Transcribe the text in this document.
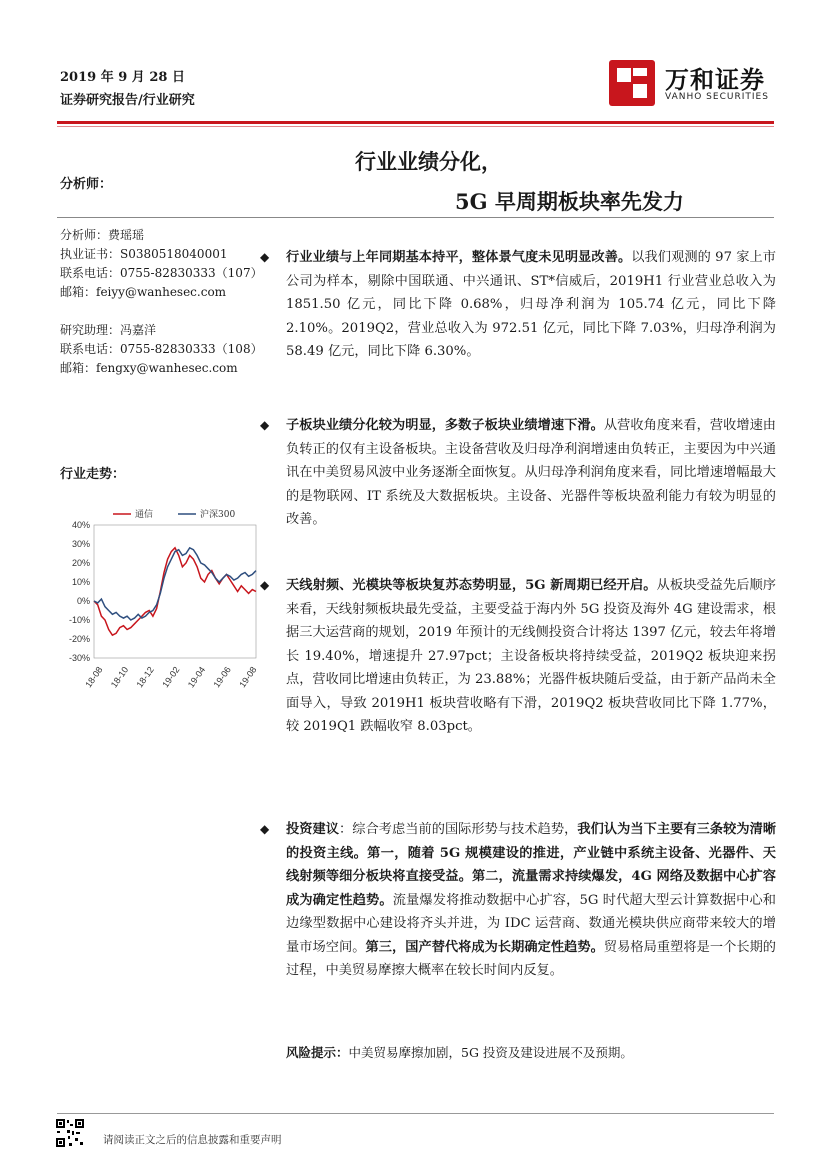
2019 年 9 月 28 日
证券研究报告/行业研究
万和证券
VANHO SECURITIES
分析师：
行业业绩分化，
5G 早周期板块率先发力
分析师：费瑶瑶
执业证书：S0380518040001
联系电话：0755-82830333（107）
邮箱：feiyy@wanhesec.com
研究助理：冯嘉洋
联系电话：0755-82830333（108）
邮箱：fengxy@wanhesec.com
行业走势：
40%
30%
20%
10%
0%
-10%
-20%
-30%
18-08 18-10 18-12 19-02 19-04 19-06 19-08
通信	沪深300
◆ 行业业绩与上年同期基本持平，整体景气度未见明显改善。以我们观测的 97 家上市公司为样本，剔除中国联通、中兴通讯、ST*信威后，2019H1 行业营业总收入为 1851.50 亿元，同比下降 0.68%，归母净利润为 105.74 亿元，同比下降 2.10%。2019Q2，营业总收入为 972.51 亿元，同比下降 7.03%，归母净利润为 58.49 亿元，同比下降 6.30%。
◆ 子板块业绩分化较为明显，多数子板块业绩增速下滑。从营收角度来看，营收增速由负转正的仅有主设备板块。主设备营收及归母净利润增速由负转正，主要因为中兴通讯在中美贸易风波中业务逐渐全面恢复。从归母净利润角度来看，同比增速增幅最大的是物联网、IT 系统及大数据板块。主设备、光器件等板块盈利能力有较为明显的改善。
◆ 天线射频、光模块等板块复苏态势明显，5G 新周期已经开启。从板块受益先后顺序来看，天线射频板块最先受益，主要受益于海内外 5G 投资及海外 4G 建设需求，根据三大运营商的规划，2019 年预计的无线侧投资合计将达 1397 亿元，较去年将增长 19.40%，增速提升 27.97pct；主设备板块将持续受益，2019Q2 板块迎来拐点，营收同比增速由负转正，为 23.88%；光器件板块随后受益，由于新产品尚未全面导入，导致 2019H1 板块营收略有下滑，2019Q2 板块营收同比下降 1.77%，较 2019Q1 跌幅收窄 8.03pct。
◆ 投资建议：综合考虑当前的国际形势与技术趋势，我们认为当下主要有三条较为清晰的投资主线。第一，随着 5G 规模建设的推进，产业链中系统主设备、光器件、天线射频等细分板块将直接受益。第二，流量需求持续爆发，4G 网络及数据中心扩容成为确定性趋势。流量爆发将推动数据中心扩容，5G 时代超大型云计算数据中心和边缘型数据中心建设将齐头并进，为 IDC 运营商、数通光模块供应商带来较大的增量市场空间。第三，国产替代将成为长期确定性趋势。贸易格局重塑将是一个长期的过程，中美贸易摩擦大概率在较长时间内反复。
风险提示：中美贸易摩擦加剧，5G 投资及建设进展不及预期。
请阅读正文之后的信息披露和重要声明
